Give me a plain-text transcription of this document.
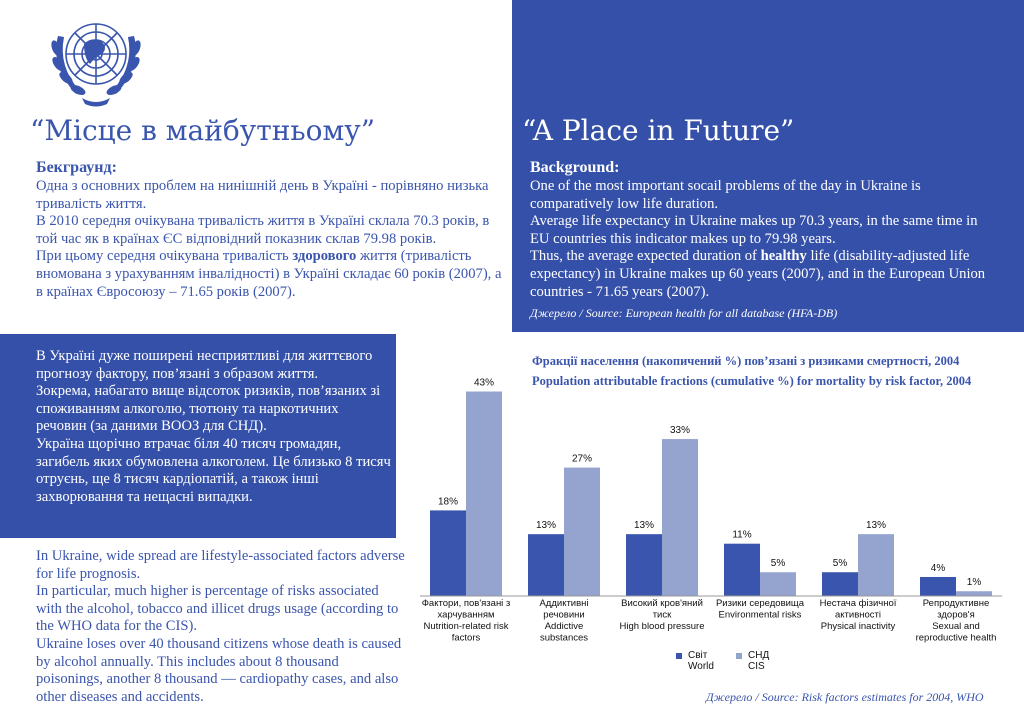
“Місце в майбутньому”	“A Place in Future”

Бекграунд:

Одна з основних проблем на нинішній день в Україні - порівняно низька тривалість життя.

В 2010 середня очікувана тривалість життя в Україні склала 70.3 років, в той час як в країнах ЄС відповідний показник склав 79.98 років.

При цьому середня очікувана тривалість здорового життя (тривалість вномована з урахуванням інвалідності) в Україні складає 60 років (2007), а в країнах Євросоюзу – 71.65 років (2007).

Background:

One of the most important socail problems of the day in Ukraine is comparatively low life duration.

Average life expectancy in Ukraine makes up 70.3 years, in the same time in EU countries this indicator makes up to 79.98 years.

Thus, the average expected duration of healthy life (disability-adjusted life expectancy) in Ukraine makes up 60 years (2007), and in the European Union countries - 71.65 years (2007).

Джерело / Source: European health for all database (HFA-DB)

В Україні дуже поширені несприятливі для життєвого прогнозу фактору, пов’язані з образом життя.

Зокрема, набагато вище відсоток ризиків, пов’язаних зі споживанням алкоголю, тютюну та наркотичних речовин (за даними ВООЗ для СНД).

Україна щорічно втрачає біля 40 тисяч громадян, загибель яких обумовлена алкоголем. Це близько 8 тисяч отруєнь, ще 8 тисяч кардіопатій, а також інші захворювання та нещасні випадки.

In Ukraine, wide spread are lifestyle-associated factors adverse for life prognosis.

In particular, much higher is percentage of risks associated with the alcohol, tobacco and illicet drugs usage (according to the WHO data for the CIS).

Ukraine loses over 40 thousand citizens whose death is caused by alcohol annually. This includes about 8 thousand poisonings, another 8 thousand — cardiopathy cases, and also other diseases and accidents.

Фракції населення (накопичений %) пов’язані з ризиками смертності, 2004
Population attributable fractions (cumulative %) for mortality by risk factor, 2004
18%
43%
Фактори, пов'язані з
харчуванням
Nutrition-related risk
factors
13%
27%
Аддиктивні
речовини
Addictive
substances
13%
33%
Високий кров'яний
тиск
High blood pressure
11%
5%
Ризики середовища
Environmental risks
5%
13%
Нестача фізичної
активності
Physical inactivity
4%
1%
Репродуктивне
здоров'я
Sexual and
reproductive health
Світ
World
СНД
CIS
Джерело / Source: Risk factors estimates for 2004, WHO
